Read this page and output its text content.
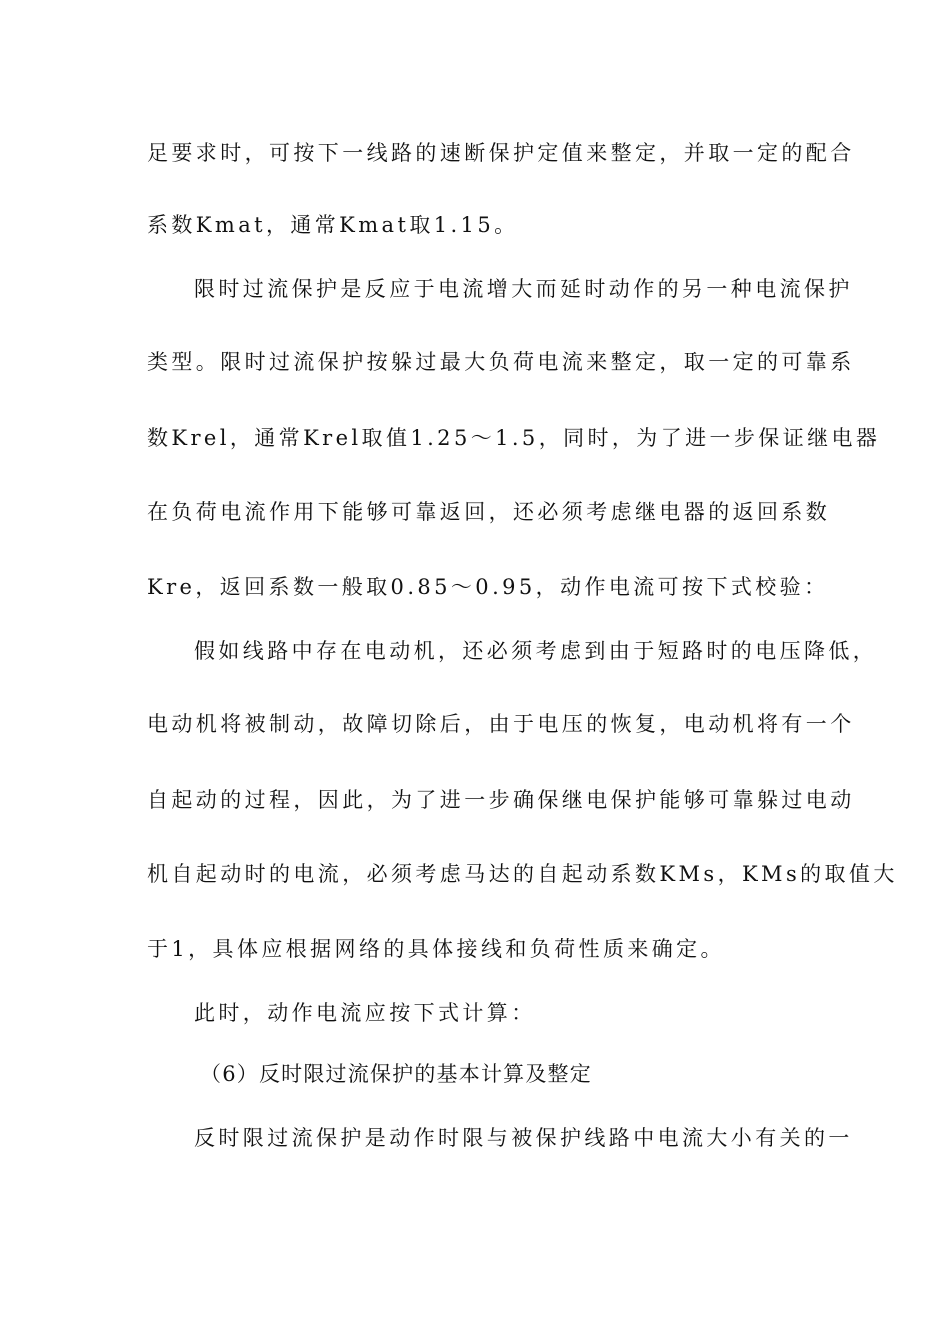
足要求时，可按下一线路的速断保护定值来整定，并取一定的配合
系数Kmat，通常Kmat取1.15。
限时过流保护是反应于电流增大而延时动作的另一种电流保护
类型。限时过流保护按躲过最大负荷电流来整定，取一定的可靠系
数Krel，通常Krel取值1.25～1.5，同时，为了进一步保证继电器
在负荷电流作用下能够可靠返回，还必须考虑继电器的返回系数
Kre，返回系数一般取0.85～0.95，动作电流可按下式校验：
假如线路中存在电动机，还必须考虑到由于短路时的电压降低，
电动机将被制动，故障切除后，由于电压的恢复，电动机将有一个
自起动的过程，因此，为了进一步确保继电保护能够可靠躲过电动
机自起动时的电流，必须考虑马达的自起动系数KMs，KMs的取值大
于1，具体应根据网络的具体接线和负荷性质来确定。
此时，动作电流应按下式计算：
（6）反时限过流保护的基本计算及整定
反时限过流保护是动作时限与被保护线路中电流大小有关的一
